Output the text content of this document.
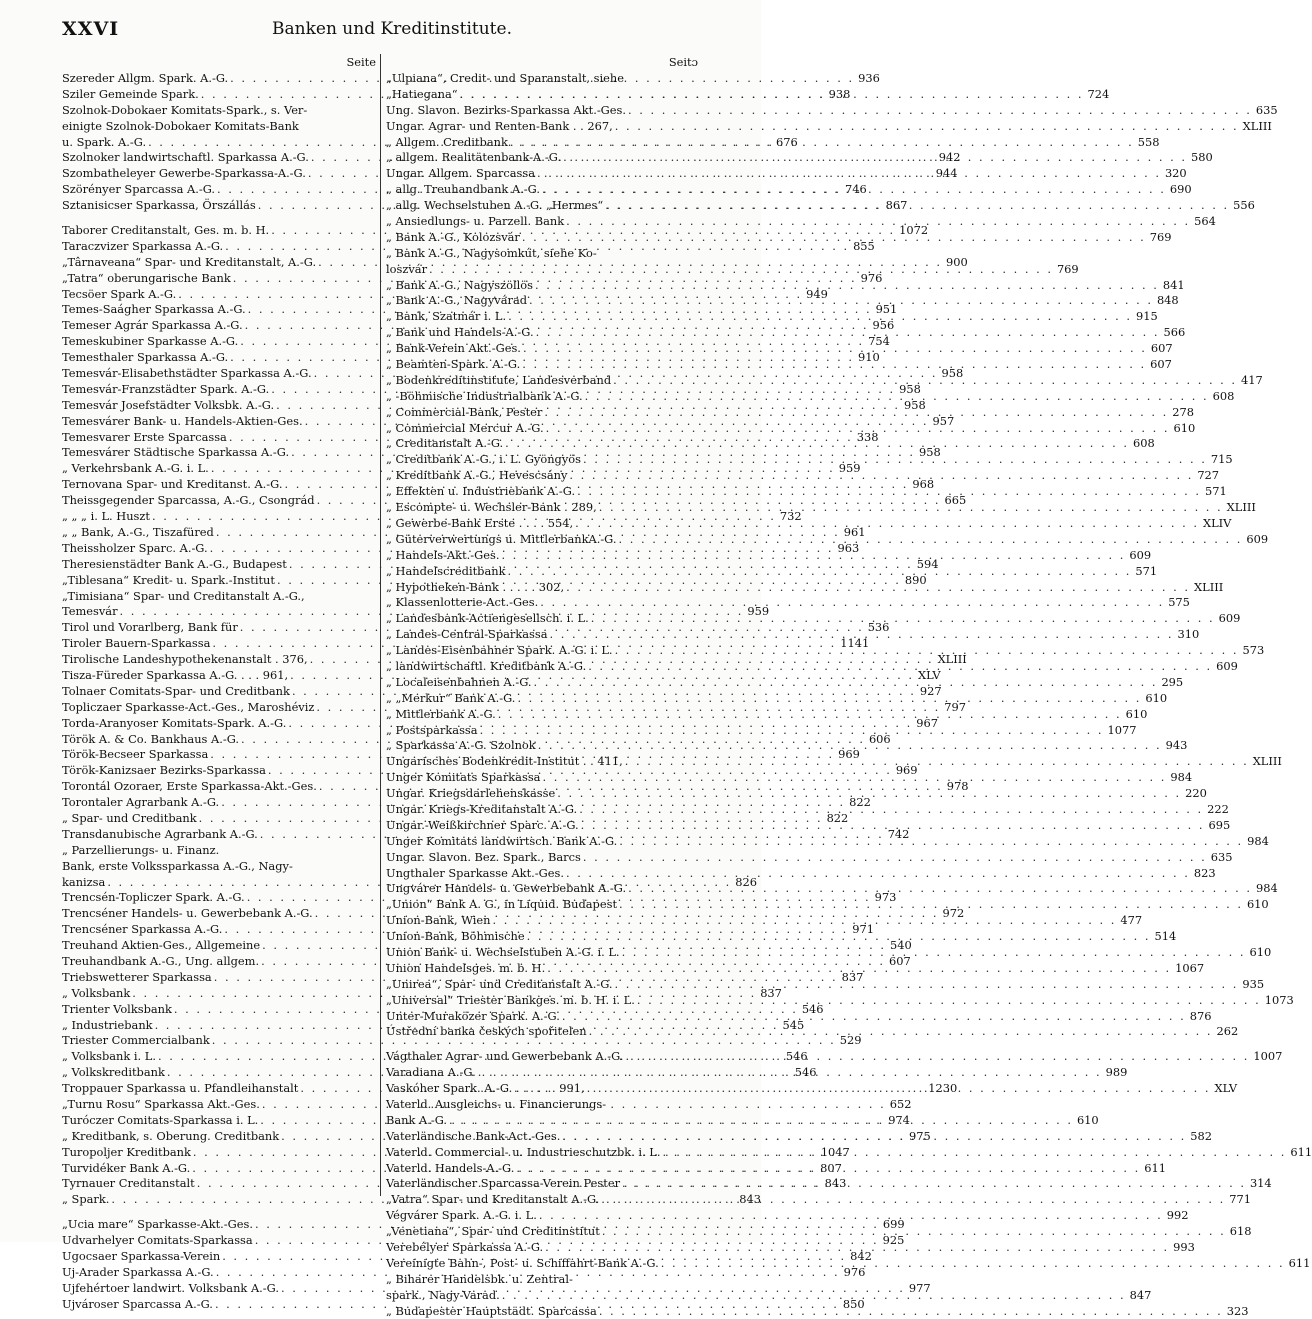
XXVI	Banken und Kreditinstitute.
Seite
Szereder Allgm. Spark. A.-G. . . .	936
Sziler Gemeinde Spark. . . .	938
Szolnok-Dobokaer Komitats-Spark., s. Ver-
einigte Szolnok-Dobokaer Komitats-Bank
u. Spark. A.-G. . . .	676
Szolnoker landwirtschaftl. Sparkassa A.-G. . . .	942
Szombatheleyer Gewerbe-Sparkassa-A.-G. . . .	944
Szörényer Sparcassa A.-G. . . .	746
Sztanisicser Sparkassa, Örszállás . . .	867
Taborer Creditanstalt, Ges. m. b. H. . . .	1072
Taraczvizer Sparkassa A.-G. . . .	855
„Târnaveana“ Spar- und Kreditanstalt, A.-G. . . .	900
„Tatra“ oberungarische Bank . . .	976
Tecsöer Spark A.-G. . . .	949
Temes-Saágher Sparkassa A.-G. . . .	951
Temeser Agrár Sparkassa A.-G. . . .	956
Temeskubiner Sparkasse A.-G. . . .	754
Temesthaler Sparkassa A.-G. . . .	910
Temesvár-Elisabethstädter Sparkassa A.-G. . . .	958
Temesvár-Franzstädter Spark. A.-G. . . .	958
Temesvár Josefstädter Volksbk. A.-G. . . .	958
Temesvárer Bank- u. Handels-Aktien-Ges. . . .	957
Temesvarer Erste Sparcassa . . .	338
Temesvárer Städtische Sparkassa A.-G. . . .	958
„ Verkehrsbank A.-G. i. L. . . .	959
Ternovana Spar- und Kreditanst. A.-G. . . .	968
Theissgegender Sparcassa, A.-G., Csongrád . . .	665
„ „ „ i. L. Huszt . . .	732
„ „ Bank, A.-G., Tiszafüred . . .	961
Theissholzer Sparc. A.-G. . . .	963
Theresienstädter Bank A.-G., Budapest . . .	594
„Tiblesana“ Kredit- u. Spark.-Institut . . .	890
„Timisiana“ Spar- und Creditanstalt A.-G.,
Temesvár . . .	959
Tirol und Vorarlberg, Bank für . . .	536
Tiroler Bauern-Sparkassa . . .	1141
Tirolische Landeshypothekenanstalt . 376, . . .	XLIII
Tisza-Füreder Sparkassa A.-G. . . . 961, . . .	XLV
Tolnaer Comitats-Spar- und Creditbank . . .	927
Topliczaer Sparkasse-Act.-Ges., Maroshéviz . . .	797
Torda-Aranyoser Komitats-Spark. A.-G. . . .	967
Török A. & Co. Bankhaus A.-G. . . .	606
Török-Becseer Sparkassa . . .	969
Török-Kanizsaer Bezirks-Sparkassa . . .	969
Torontál Ozoraer, Erste Sparkassa-Akt.-Ges. . . .	978
Torontaler Agrarbank A.-G. . . .	822
„ Spar- und Creditbank . . .	822
Transdanubische Agrarbank A.-G. . . .	742
„ Parzellierungs- u. Finanz.
Bank, erste Volkssparkassa A.-G., Nagy-
kanizsa . . .	826
Trencsén-Topliczer Spark. A.-G. . . .	973
Trencséner Handels- u. Gewerbebank A.-G. . . .	972
Trencséner Sparkassa A.-G. . . .	971
Treuhand Aktien-Ges., Allgemeine . . .	540
Treuhandbank A.-G., Ung. allgem. . . .	607
Triebswetterer Sparkassa . . .	837
„ Volksbank . . .	837
Trienter Volksbank . . .	546
„ Industriebank . . .	545
Triester Commercialbank . . .	529
„ Volksbank i. L. . . .	546
„ Volkskreditbank . . .	546
Troppauer Sparkassa u. Pfandleihanstalt . . .	1230
„Turnu Rosu“ Sparkassa Akt.-Ges. . . .	652
Turóczer Comitats-Sparkassa i. L. . . .	974
„ Kreditbank, s. Oberung. Creditbank . . .	975
Turopoljer Kreditbank . . .	1047
Turvidéker Bank A.-G. . . .	807
Tyrnauer Creditanstalt . . .	843
„ Spark. . . .	843
„Ucia mare“ Sparkasse-Akt.-Ges. . . .	699
Udvarhelyer Comitats-Sparkassa . . .	925
Ugocsaer Sparkassa-Verein . . .	842
Uj-Arader Sparkassa A.-G. . . .	976
Ujfehértoer landwirt. Volksbank A.-G. . . .	977
Ujvároser Sparcassa A.-G. . . .	850
Seitɔ
„Ulpiana“, Credit- und Sparanstalt, siehe
„Hatiegana“ . . .	724
Ung. Slavon. Bezirks-Sparkassa Akt.-Ges. . . .	635
Ungar. Agrar- und Renten-Bank . . 267, . . .	XLIII
„ Allgem. Creditbank . . .	558
„ allgem. Realitätenbank-A.-G. . . .	580
Ungar. Allgem. Sparcassa . . .	320
„ allg. Treuhandbank A.-G. . . .	690
„ allg. Wechselstuben A.-G. „Hermes“ . . .	556
„ Ansiedlungs- u. Parzell. Bank . . .	564
„ Bank A.-G., Kolozsvár . . .	769
„ Bank A.-G., Nagysomkút, siehe Ko-
loszvár . . .	769
„ Bank A.-G., Nagyszöllös . . .	841
„ Bank A.-G., Nagyvárad . . .	848
„ Bank, Szatmár i. L. . . .	915
„ Bank und Handels-A.-G. . . .	566
„ Bank-Verein Akt.-Ges. . . .	607
„ Beamten-Spark. A.-G. . . .	607
„ Bodenkreditinstitute, Landesverband . . .	417
„ -Böhmische Industrialbank A.-G. . . .	608
„ Commercial-Bank, Pester . . .	278
„ Commercial Mercur A.-G. . . .	610
„ Creditanstalt A.-G. . . .	608
„ Creditbank A.-G., i. L. Gyöngyös . . .	715
„ Kreditbank A.-G., Hevescsány . . .	727
„ Effekten u. Industriebank A.-G. . . .	571
„ Escompte- u. Wechsler-Bank . 289, . . .	XLIII
„ Gewerbe-Bank Erste . . . . 554, . . .	XLIV
„ Güterverwertungs u. MittlerbankA.-G. . . .	609
„ Handels-Akt.-Ges. . . .	609
„ Handelscreditbank . . .	571
„ Hypotheken-Bank . . . . . 302, . . .	XLIII
„ Klassenlotterie-Act.-Ges. . . .	575
„ Landesbank-Actiengesellsch. i. L. . . .	609
„ Landes-Central-Sparkassa . . .	310
„ Landes-Eisenbahner Spark. A.-G. i. L. . . .	573
„ landwirtschaftl. Kreditbank A.-G. . . .	609
„ Localeisenbahnen A.-G. . . .	295
„ „Merkur“ Bank A.-G. . . .	610
„ Mittlerbank A.-G. . . .	610
„ Postsparkassa . . .	1077
„ Sparkassa A.-G. Szolnok . . .	943
Ungarisches Bodenkredit-Institut . . 411, . . .	XLIII
Unger Komitats Sparkassa . . .	984
Ungar. Kriegsdarlehenskasse . . .	220
Ungar. Kriegs-Kreditanstalt A.-G. . . .	222
Ungar.-Weißkirchner Sparc. A.-G. . . .	695
Unger Komitats landwirtsch. Bank A.-G. . . .	984
Ungar. Slavon. Bez. Spark., Barcs . . .	635
Ungthaler Sparkasse Akt.-Ges. . . .	823
Ungvárer Handels- u. Gewerbebank A.-G. . . .	984
„Union“ Bank A. G., in Liquid. Budapest . . .	610
Union-Bank, Wien . . .	477
Union-Bank, Böhmische . . .	514
Union Bank- u. Wechselstuben A.-G. i. L. . . .	610
Union Handelsges. m. b. H. . . .	1067
„Unirea“, Spar- und Creditanstalt A.-G. . . .	935
„Universal“ Triester Bankges. m. b. H. i. L. . . .	1073
Unter-Muraközer Spark. A.-G. . . .	876
Ústřední banka českých spořitelen . . .	262
Vágthaler Agrar- und Gewerbebank A.-G. . . .	1007
Varadiana A.-G. . . .	989
Vaskóher Spark. A.-G. . . . . . . 991, . . .	XLV
Vaterld. Ausgleichs- u. Financierungs-
Bank A.-G. . . .	610
Vaterländische Bank-Act.-Ges. . . .	582
Vaterld. Commercial- u. Industrieschutzbk. i. L. . . .	611
Vaterld. Handels-A.-G. . . .	611
Vaterländischer Sparcassa-Verein Pester . . .	314
„Vatra“ Spar- und Kreditanstalt A.-G. . . .	771
Végvárer Spark. A.-G. i. L. . . .	992
„Venetiana“, Spar- und Creditinstitut . . .	618
Verebélyer Sparkassa A.-G. . . .	993
Vereinigte Bahn-, Post- u. Schiffahrt-Bank A.-G. . . .	611
„ Biharer Handelsbk. u. Zentral-
spark., Nagy-Varad. . . .	847
„ Budapester Hauptstädt. Sparcassa . . .	323
